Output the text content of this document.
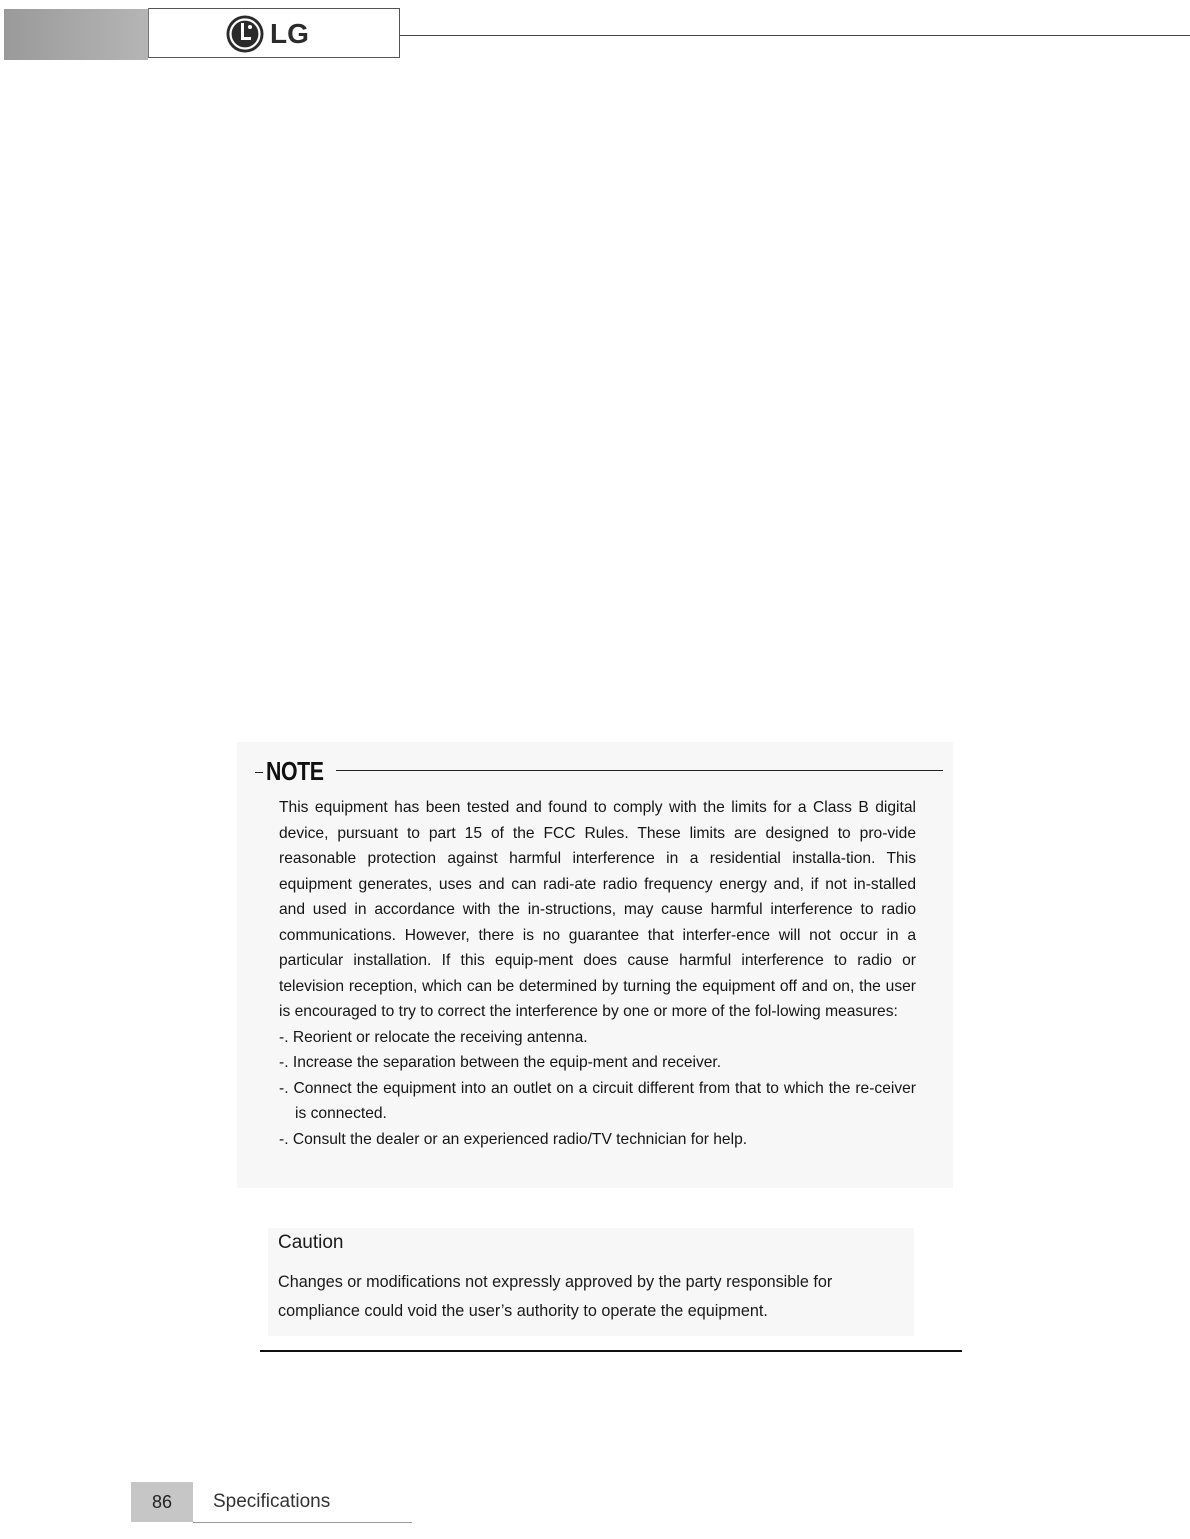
LG
NOTE

This equipment has been tested and found to comply with the limits for a Class B digital device, pursuant to part 15 of the FCC Rules. These limits are designed to pro-vide reasonable protection against harmful interference in a residential installa-tion. This equipment generates, uses and can radi-ate radio frequency energy and, if not in-stalled and used in accordance with the in-structions, may cause harmful interference to radio communications. However, there is no guarantee that interfer-ence will not occur in a particular installation. If this equip-ment does cause harmful interference to radio or television reception, which can be determined by turning the equipment off and on, the user is encouraged to try to correct the interference by one or more of the fol-lowing measures:

-. Reorient or relocate the receiving antenna.
-. Increase the separation between the equip-ment and receiver.
-. Connect the equipment into an outlet on a circuit different from that to which the re-ceiver is connected.
-. Consult the dealer or an experienced radio/TV technician for help.
Caution
Changes or modifications not expressly approved by the party responsible for compliance could void the user’s authority to operate the equipment.
86	Specifications
